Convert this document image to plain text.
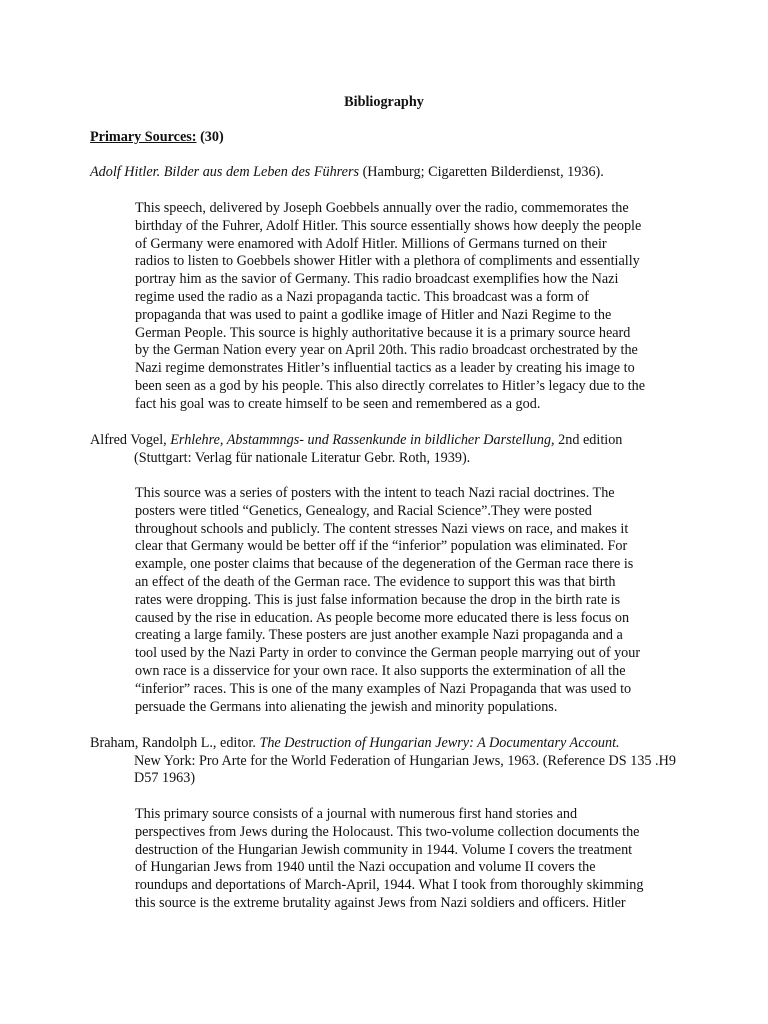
Bibliography
Primary Sources: (30)
Adolf Hitler. Bilder aus dem Leben des Führers (Hamburg; Cigaretten Bilderdienst, 1936).
This speech, delivered by Joseph Goebbels annually over the radio, commemorates the
birthday of the Fuhrer, Adolf Hitler. This source essentially shows how deeply the people
of Germany were enamored with Adolf Hitler. Millions of Germans turned on their
radios to listen to Goebbels shower Hitler with a plethora of compliments and essentially
portray him as the savior of Germany. This radio broadcast exemplifies how the Nazi
regime used the radio as a Nazi propaganda tactic. This broadcast was a form of
propaganda that was used to paint a godlike image of Hitler and Nazi Regime to the
German People. This source is highly authoritative because it is a primary source heard
by the German Nation every year on April 20th. This radio broadcast orchestrated by the
Nazi regime demonstrates Hitler’s influential tactics as a leader by creating his image to
been seen as a god by his people. This also directly correlates to Hitler’s legacy due to the
fact his goal was to create himself to be seen and remembered as a god.
Alfred Vogel, Erhlehre, Abstammngs- und Rassenkunde in bildlicher Darstellung, 2nd edition
(Stuttgart: Verlag für nationale Literatur Gebr. Roth, 1939).
This source was a series of posters with the intent to teach Nazi racial doctrines. The
posters were titled “Genetics, Genealogy, and Racial Science”.They were posted
throughout schools and publicly. The content stresses Nazi views on race, and makes it
clear that Germany would be better off if the “inferior” population was eliminated. For
example, one poster claims that because of the degeneration of the German race there is
an effect of the death of the German race. The evidence to support this was that birth
rates were dropping. This is just false information because the drop in the birth rate is
caused by the rise in education. As people become more educated there is less focus on
creating a large family. These posters are just another example Nazi propaganda and a
tool used by the Nazi Party in order to convince the German people marrying out of your
own race is a disservice for your own race. It also supports the extermination of all the
“inferior” races. This is one of the many examples of Nazi Propaganda that was used to
persuade the Germans into alienating the jewish and minority populations.
Braham, Randolph L., editor. The Destruction of Hungarian Jewry: A Documentary Account.
New York: Pro Arte for the World Federation of Hungarian Jews, 1963. (Reference DS 135 .H9 D57 1963)
This primary source consists of a journal with numerous first hand stories and
perspectives from Jews during the Holocaust. This two-volume collection documents the
destruction of the Hungarian Jewish community in 1944. Volume I covers the treatment
of Hungarian Jews from 1940 until the Nazi occupation and volume II covers the
roundups and deportations of March-April, 1944. What I took from thoroughly skimming
this source is the extreme brutality against Jews from Nazi soldiers and officers. Hitler
